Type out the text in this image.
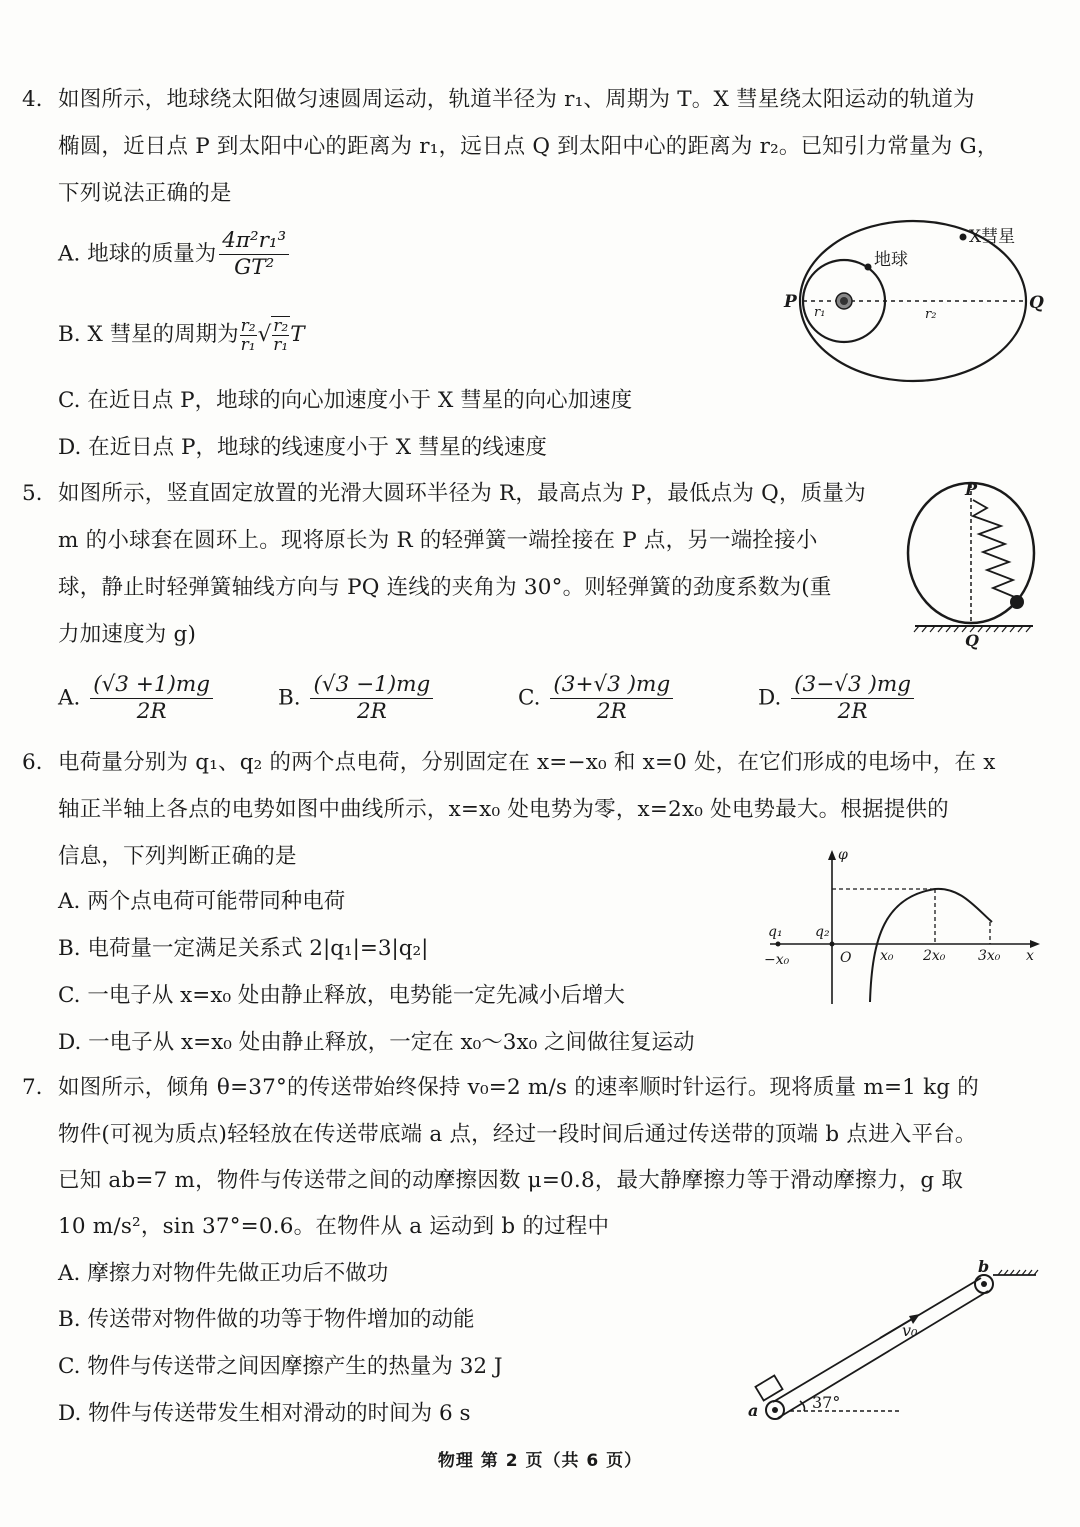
4. 如图所示，地球绕太阳做匀速圆周运动，轨道半径为 r₁、周期为 T。X 彗星绕太阳运动的轨道为
椭圆，近日点 P 到太阳中心的距离为 r₁，远日点 Q 到太阳中心的距离为 r₂。已知引力常量为 G，
下列说法正确的是
A. 地球的质量为 $\frac{\text{4π²r₁³}}{\text{GT²}}$
B. X 彗星的周期为 $\frac{\text{r₂}}{\text{r₁}}$ √ $\frac{\text{r₂}}{\text{r₁}}$ T
C. 在近日点 P，地球的向心加速度小于 X 彗星的向心加速度
D. 在近日点 P，地球的线速度小于 X 彗星的线速度
X彗星
地球
P	Q
r₁	r₂
5. 如图所示，竖直固定放置的光滑大圆环半径为 R，最高点为 P，最低点为 Q，质量为
m 的小球套在圆环上。现将原长为 R 的轻弹簧一端拴接在 P 点，另一端拴接小
球，静止时轻弹簧轴线方向与 PQ 连线的夹角为 30°。则轻弹簧的劲度系数为(重
力加速度为 g)
A. $\frac{(√3 +1)mg}{2R}$	B. $\frac{(√3 -1)mg}{2R}$	C. $\frac{(3+√3 )mg}{2R}$	D. $\frac{(3-√3 )mg}{2R}$
P
Q
6. 电荷量分别为 q₁、q₂ 的两个点电荷，分别固定在 x=−x₀ 和 x=0 处，在它们形成的电场中，在 x
轴正半轴上各点的电势如图中曲线所示，x=x₀ 处电势为零，x=2x₀ 处电势最大。根据提供的
信息，下列判断正确的是
A. 两个点电荷可能带同种电荷
B. 电荷量一定满足关系式 2|q₁|=3|q₂|
C. 一电子从 x=x₀ 处由静止释放，电势能一定先减小后增大
D. 一电子从 x=x₀ 处由静止释放，一定在 x₀～3x₀ 之间做往复运动
φ
q₁ q₂
−x₀	O x₀ 2x₀ 3x₀ x
7. 如图所示，倾角 θ=37°的传送带始终保持 v₀=2 m/s 的速率顺时针运行。现将质量 m=1 kg 的
物件(可视为质点)轻轻放在传送带底端 a 点，经过一段时间后通过传送带的顶端 b 点进入平台。
已知 ab=7 m，物件与传送带之间的动摩擦因数 μ=0.8，最大静摩擦力等于滑动摩擦力，g 取
10 m/s²，sin 37°=0.6。在物件从 a 运动到 b 的过程中
A. 摩擦力对物件先做正功后不做功
B. 传送带对物件做的功等于物件增加的动能
C. 物件与传送带之间因摩擦产生的热量为 32 J
D. 物件与传送带发生相对滑动的时间为 6 s	a
b
v₀
37°
物理 第 2 页（共 6 页）
